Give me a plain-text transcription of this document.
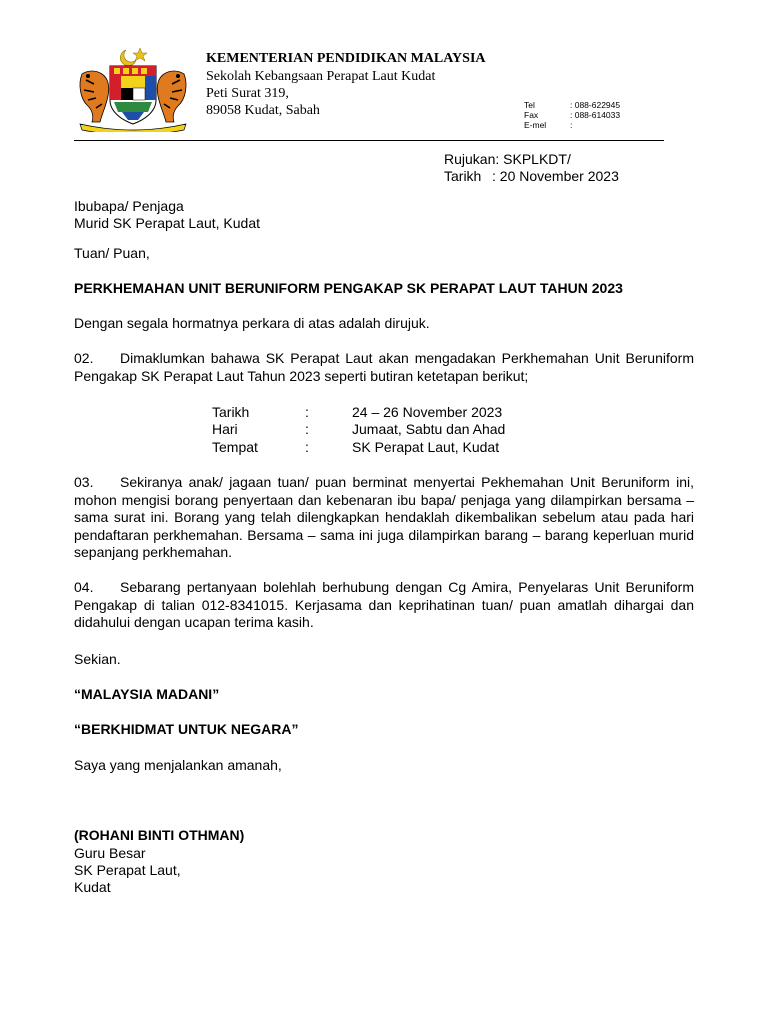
KEMENTERIAN PENDIDIKAN MALAYSIA
Sekolah Kebangsaan Perapat Laut Kudat
Peti Surat 319,
89058 Kudat, Sabah	Tel	: 088-622945
Fax	: 088-614033
E-mel	:
Rujukan: SKPLKDT/
Tarikh : 20 November 2023
Ibubapa/ Penjaga
Murid SK Perapat Laut, Kudat
Tuan/ Puan,
PERKHEMAHAN UNIT BERUNIFORM PENGAKAP SK PERAPAT LAUT TAHUN 2023
Dengan segala hormatnya perkara di atas adalah dirujuk.
02. Dimaklumkan bahawa SK Perapat Laut akan mengadakan Perkhemahan Unit Beruniform Pengakap SK Perapat Laut Tahun 2023 seperti butiran ketetapan berikut;
Tarikh	:	24 – 26 November 2023
Hari	:	Jumaat, Sabtu dan Ahad
Tempat	:	SK Perapat Laut, Kudat
03. Sekiranya anak/ jagaan tuan/ puan berminat menyertai Pekhemahan Unit Beruniform ini, mohon mengisi borang penyertaan dan kebenaran ibu bapa/ penjaga yang dilampirkan bersama – sama surat ini. Borang yang telah dilengkapkan hendaklah dikembalikan sebelum atau pada hari pendaftaran perkhemahan. Bersama – sama ini juga dilampirkan barang – barang keperluan murid sepanjang perkhemahan.
04. Sebarang pertanyaan bolehlah berhubung dengan Cg Amira, Penyelaras Unit Beruniform Pengakap di talian 012-8341015. Kerjasama dan keprihatinan tuan/ puan amatlah dihargai dan didahului dengan ucapan terima kasih.
Sekian.
“MALAYSIA MADANI”
“BERKHIDMAT UNTUK NEGARA”
Saya yang menjalankan amanah,
(ROHANI BINTI OTHMAN)
Guru Besar
SK Perapat Laut,
Kudat
